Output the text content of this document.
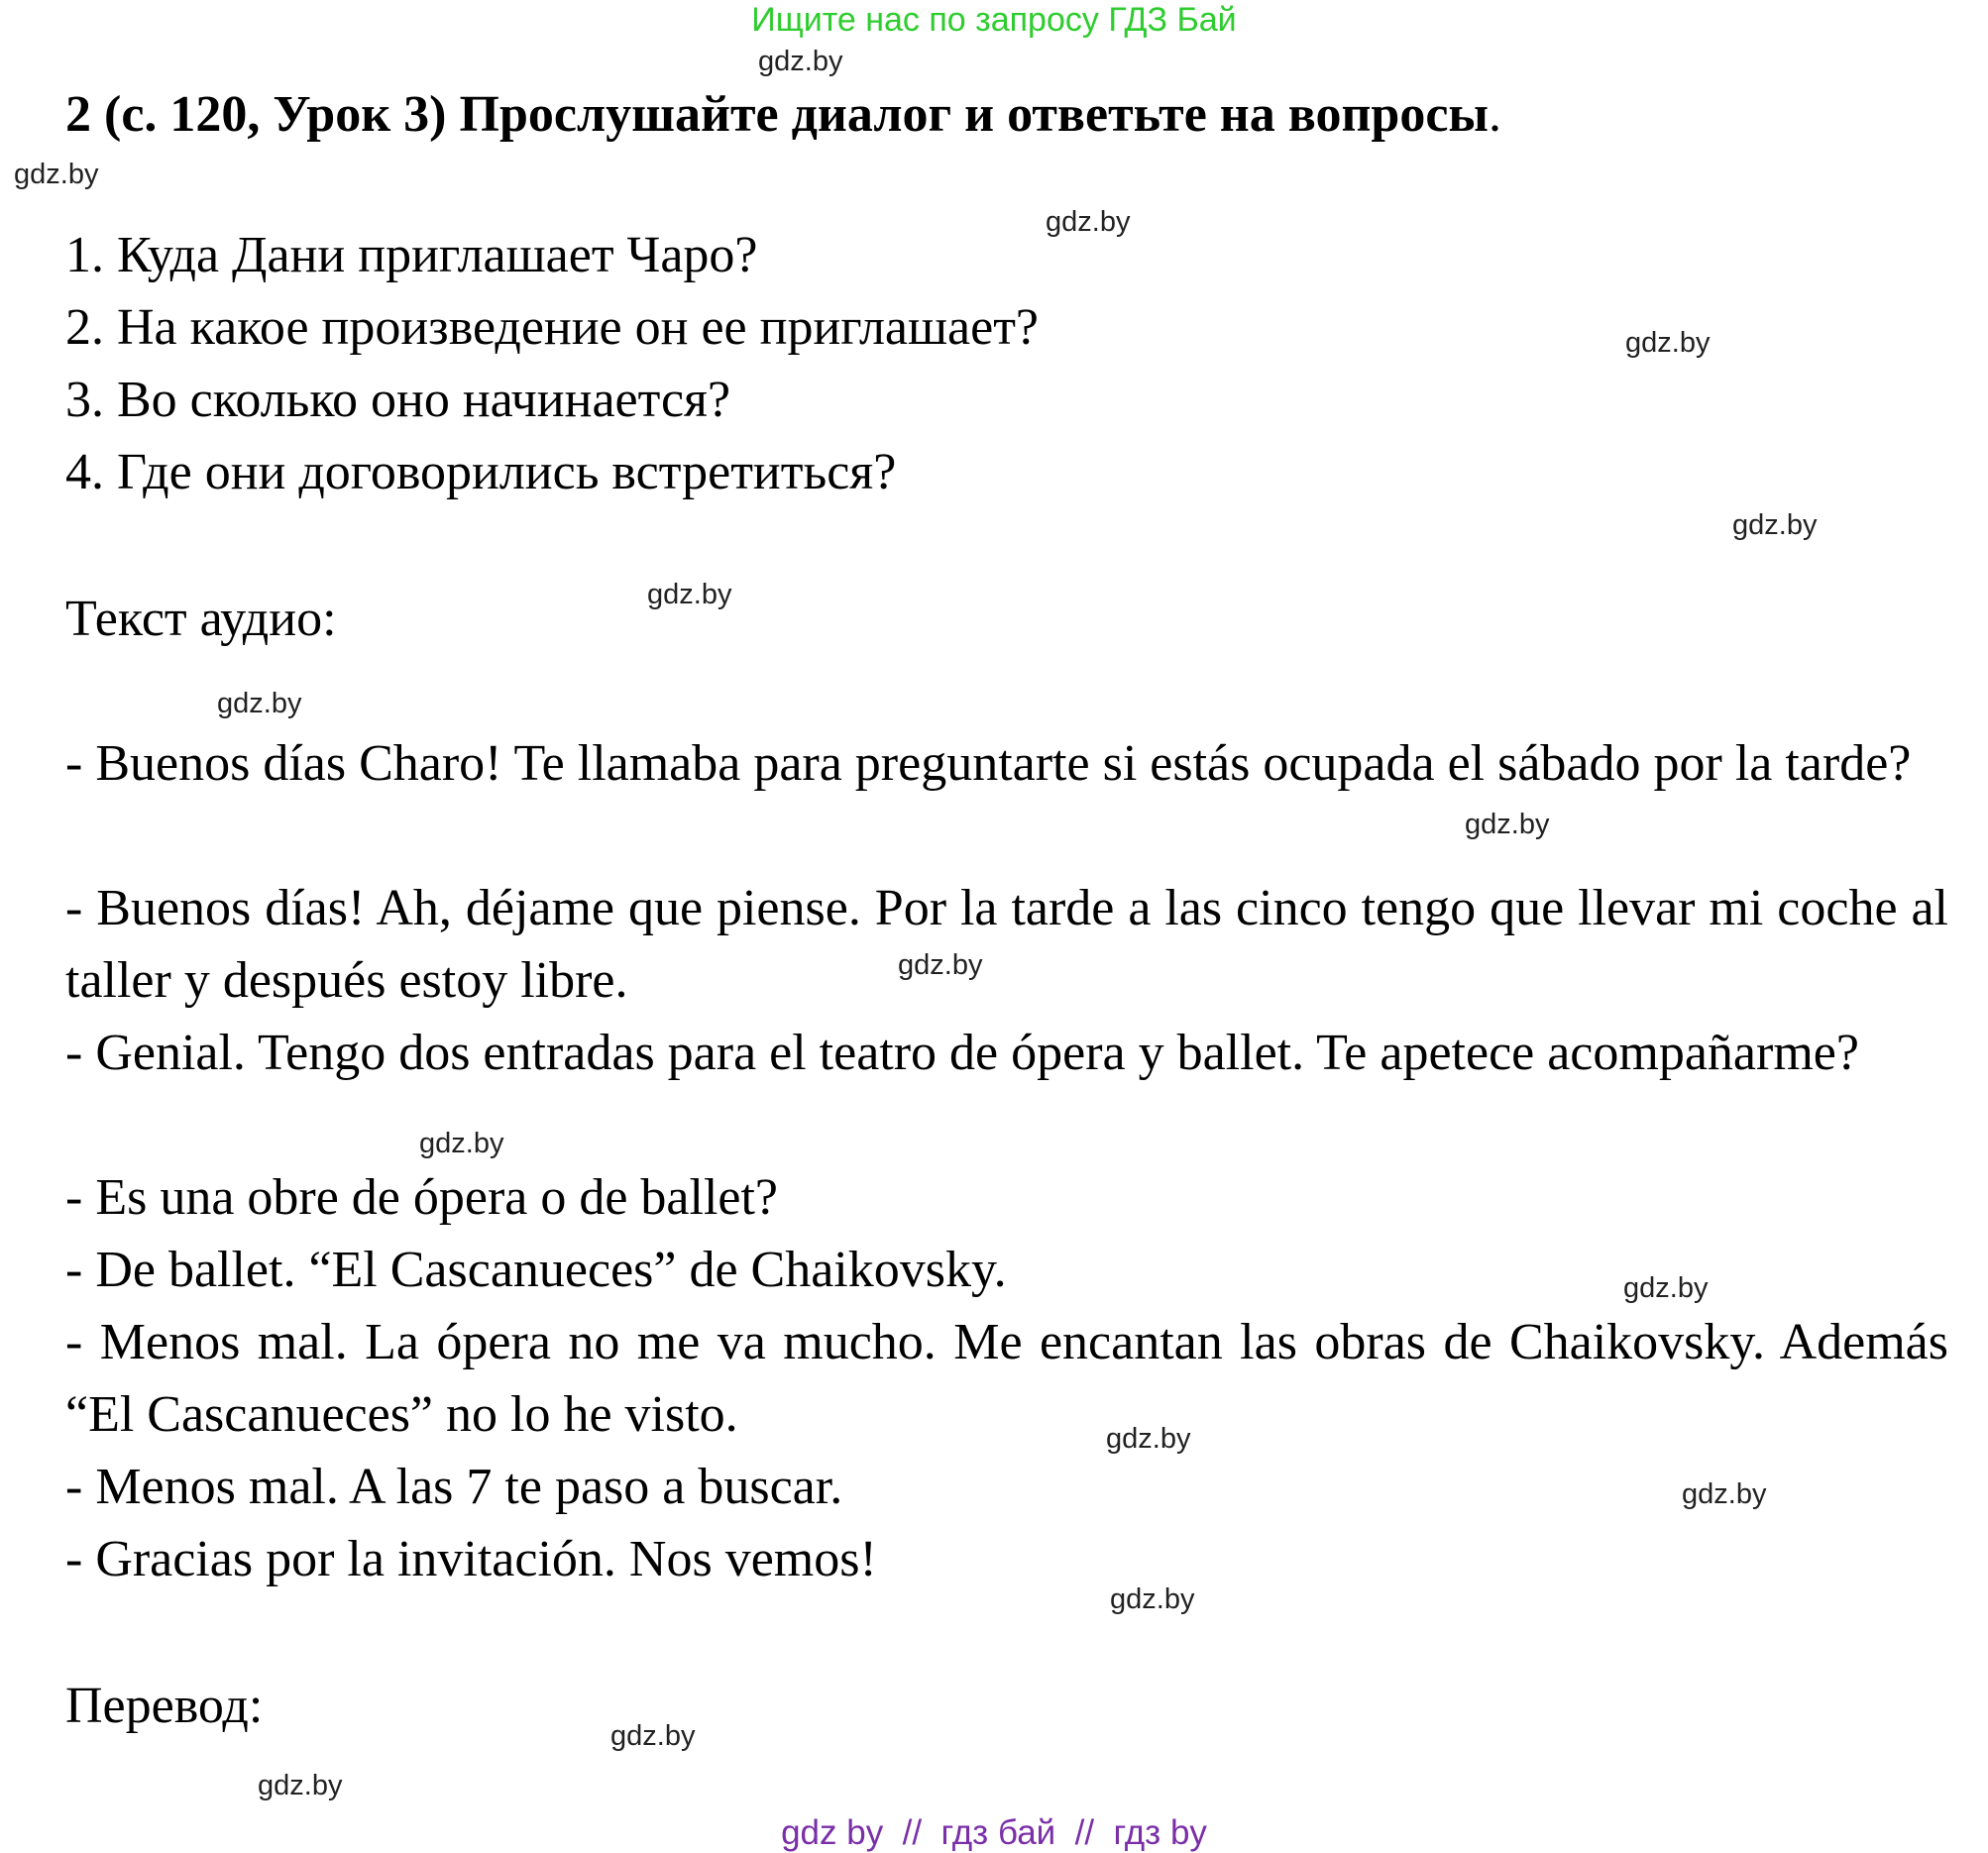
Ищите нас по запросу ГДЗ Бай
gdz.by
gdz.by
gdz.by
gdz.by
gdz.by
gdz.by
gdz.by
gdz.by
gdz.by
gdz.by
gdz.by
gdz.by
gdz.by
gdz.by
gdz.by
gdz.by
2 (с. 120, Урок 3) Прослушайте диалог и ответьте на вопросы.
1. Куда Дани приглашает Чаро?
2. На какое произведение он ее приглашает?
3. Во сколько оно начинается?
4. Где они договорились встретиться?
Текст аудио:
- Buenos días Charo! Te llamaba para preguntarte si estás ocupada el sábado por la tarde?
- Buenos días! Ah, déjame que piense. Por la tarde a las cinco tengo que llevar mi coche al taller y después estoy libre.
- Genial. Tengo dos entradas para el teatro de ópera y ballet. Te apetece acompañarme?
- Es una obre de ópera o de ballet?
- De ballet. “El Cascanueces” de Chaikovsky.
- Menos mal. La ópera no me va mucho. Me encantan las obras de Chaikovsky. Además “El Cascanueces” no lo he visto.
- Menos mal. A las 7 te paso a buscar.
- Gracias por la invitación. Nos vemos!
Перевод:
gdz by  //  гдз бай  //  гдз by
